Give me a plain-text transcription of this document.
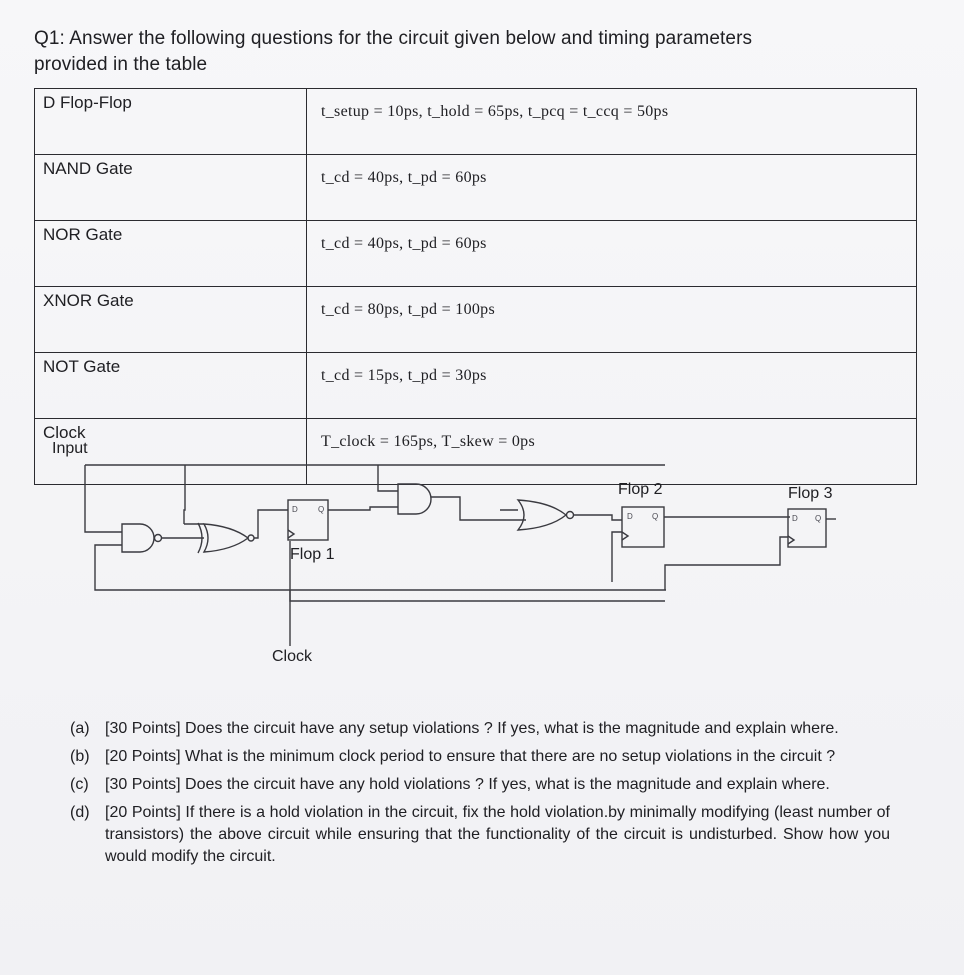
Q1: Answer the following questions for the circuit given below and timing parameters
provided in the table
D Flop-Flop	t_setup = 10ps, t_hold = 65ps, t_pcq = t_ccq = 50ps
NAND Gate	t_cd = 40ps, t_pd = 60ps
NOR Gate	t_cd = 40ps, t_pd = 60ps
XNOR Gate	t_cd = 80ps, t_pd = 100ps
NOT Gate	t_cd = 15ps, t_pd = 30ps
Clock	T_clock = 165ps, T_skew = 0ps
D	Q
D Q	D Q
Input
Flop 1
Flop 2	Flop 3
Clock
(a) [30 Points] Does the circuit have any setup violations ? If yes, what is the magnitude and explain where.
(b) [20 Points] What is the minimum clock period to ensure that there are no setup violations in the circuit ?
(c) [30 Points] Does the circuit have any hold violations ? If yes, what is the magnitude and explain where.
(d) [20 Points] If there is a hold violation in the circuit, fix the hold violation.by minimally modifying (least number of transistors) the above circuit while ensuring that the functionality of the circuit is undisturbed. Show how you would modify the circuit.
